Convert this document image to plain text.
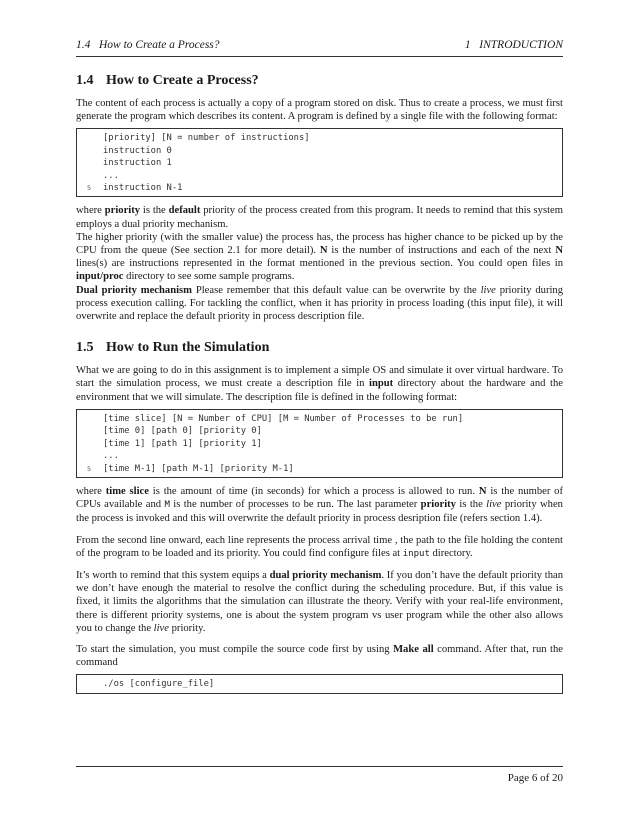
1.4   How to Create a Process?	1   INTRODUCTION
1.4 How to Create a Process?

The content of each process is actually a copy of a program stored on disk. Thus to create a process, we must first generate the program which describes its content. A program is defined by a single file with the following format:

[priority] [N = number of instructions]
instruction 0
instruction 1
...
5 instruction N-1

where priority is the default priority of the process created from this program. It needs to remind that this system employs a dual priority mechanism.

The higher priority (with the smaller value) the process has, the process has higher chance to be picked up by the CPU from the queue (See section 2.1 for more detail). N is the number of instructions and each of the next N lines(s) are instructions represented in the format mentioned in the previous section. You could open files in input/proc directory to see some sample programs.

Dual priority mechanism Please remember that this default value can be overwrite by the live priority during process execution calling. For tackling the conflict, when it has priority in process loading (this input file), it will overwrite and replace the default priority in process description file.

1.5 How to Run the Simulation

What we are going to do in this assignment is to implement a simple OS and simulate it over virtual hardware. To start the simulation process, we must create a description file in input directory about the hardware and the environment that we will simulate. The description file is defined in the following format:

[time slice] [N = Number of CPU] [M = Number of Processes to be run]
[time 0] [path 0] [priority 0]
[time 1] [path 1] [priority 1]
...
5 [time M-1] [path M-1] [priority M-1]

where time slice is the amount of time (in seconds) for which a process is allowed to run. N is the number of CPUs available and M is the number of processes to be run. The last parameter priority is the live priority when the process is invoked and this will overwrite the default priority in process desription file (refers section 1.4).

From the second line onward, each line represents the process arrival time , the path to the file holding the content of the program to be loaded and its priority. You could find configure files at input directory.

It’s worth to remind that this system equips a dual priority mechanism. If you don’t have the default priority than we don’t have enough the material to resolve the conflict during the scheduling procedure. But, if this value is fixed, it limits the algorithms that the simulation can illustrate the theory. Verify with your real-life environment, there is different priority systems, one is about the system program vs user program while the other also allows you to change the live priority.

To start the simulation, you must compile the source code first by using Make all command. After that, run the command

./os [configure_file]
Page 6 of 20
